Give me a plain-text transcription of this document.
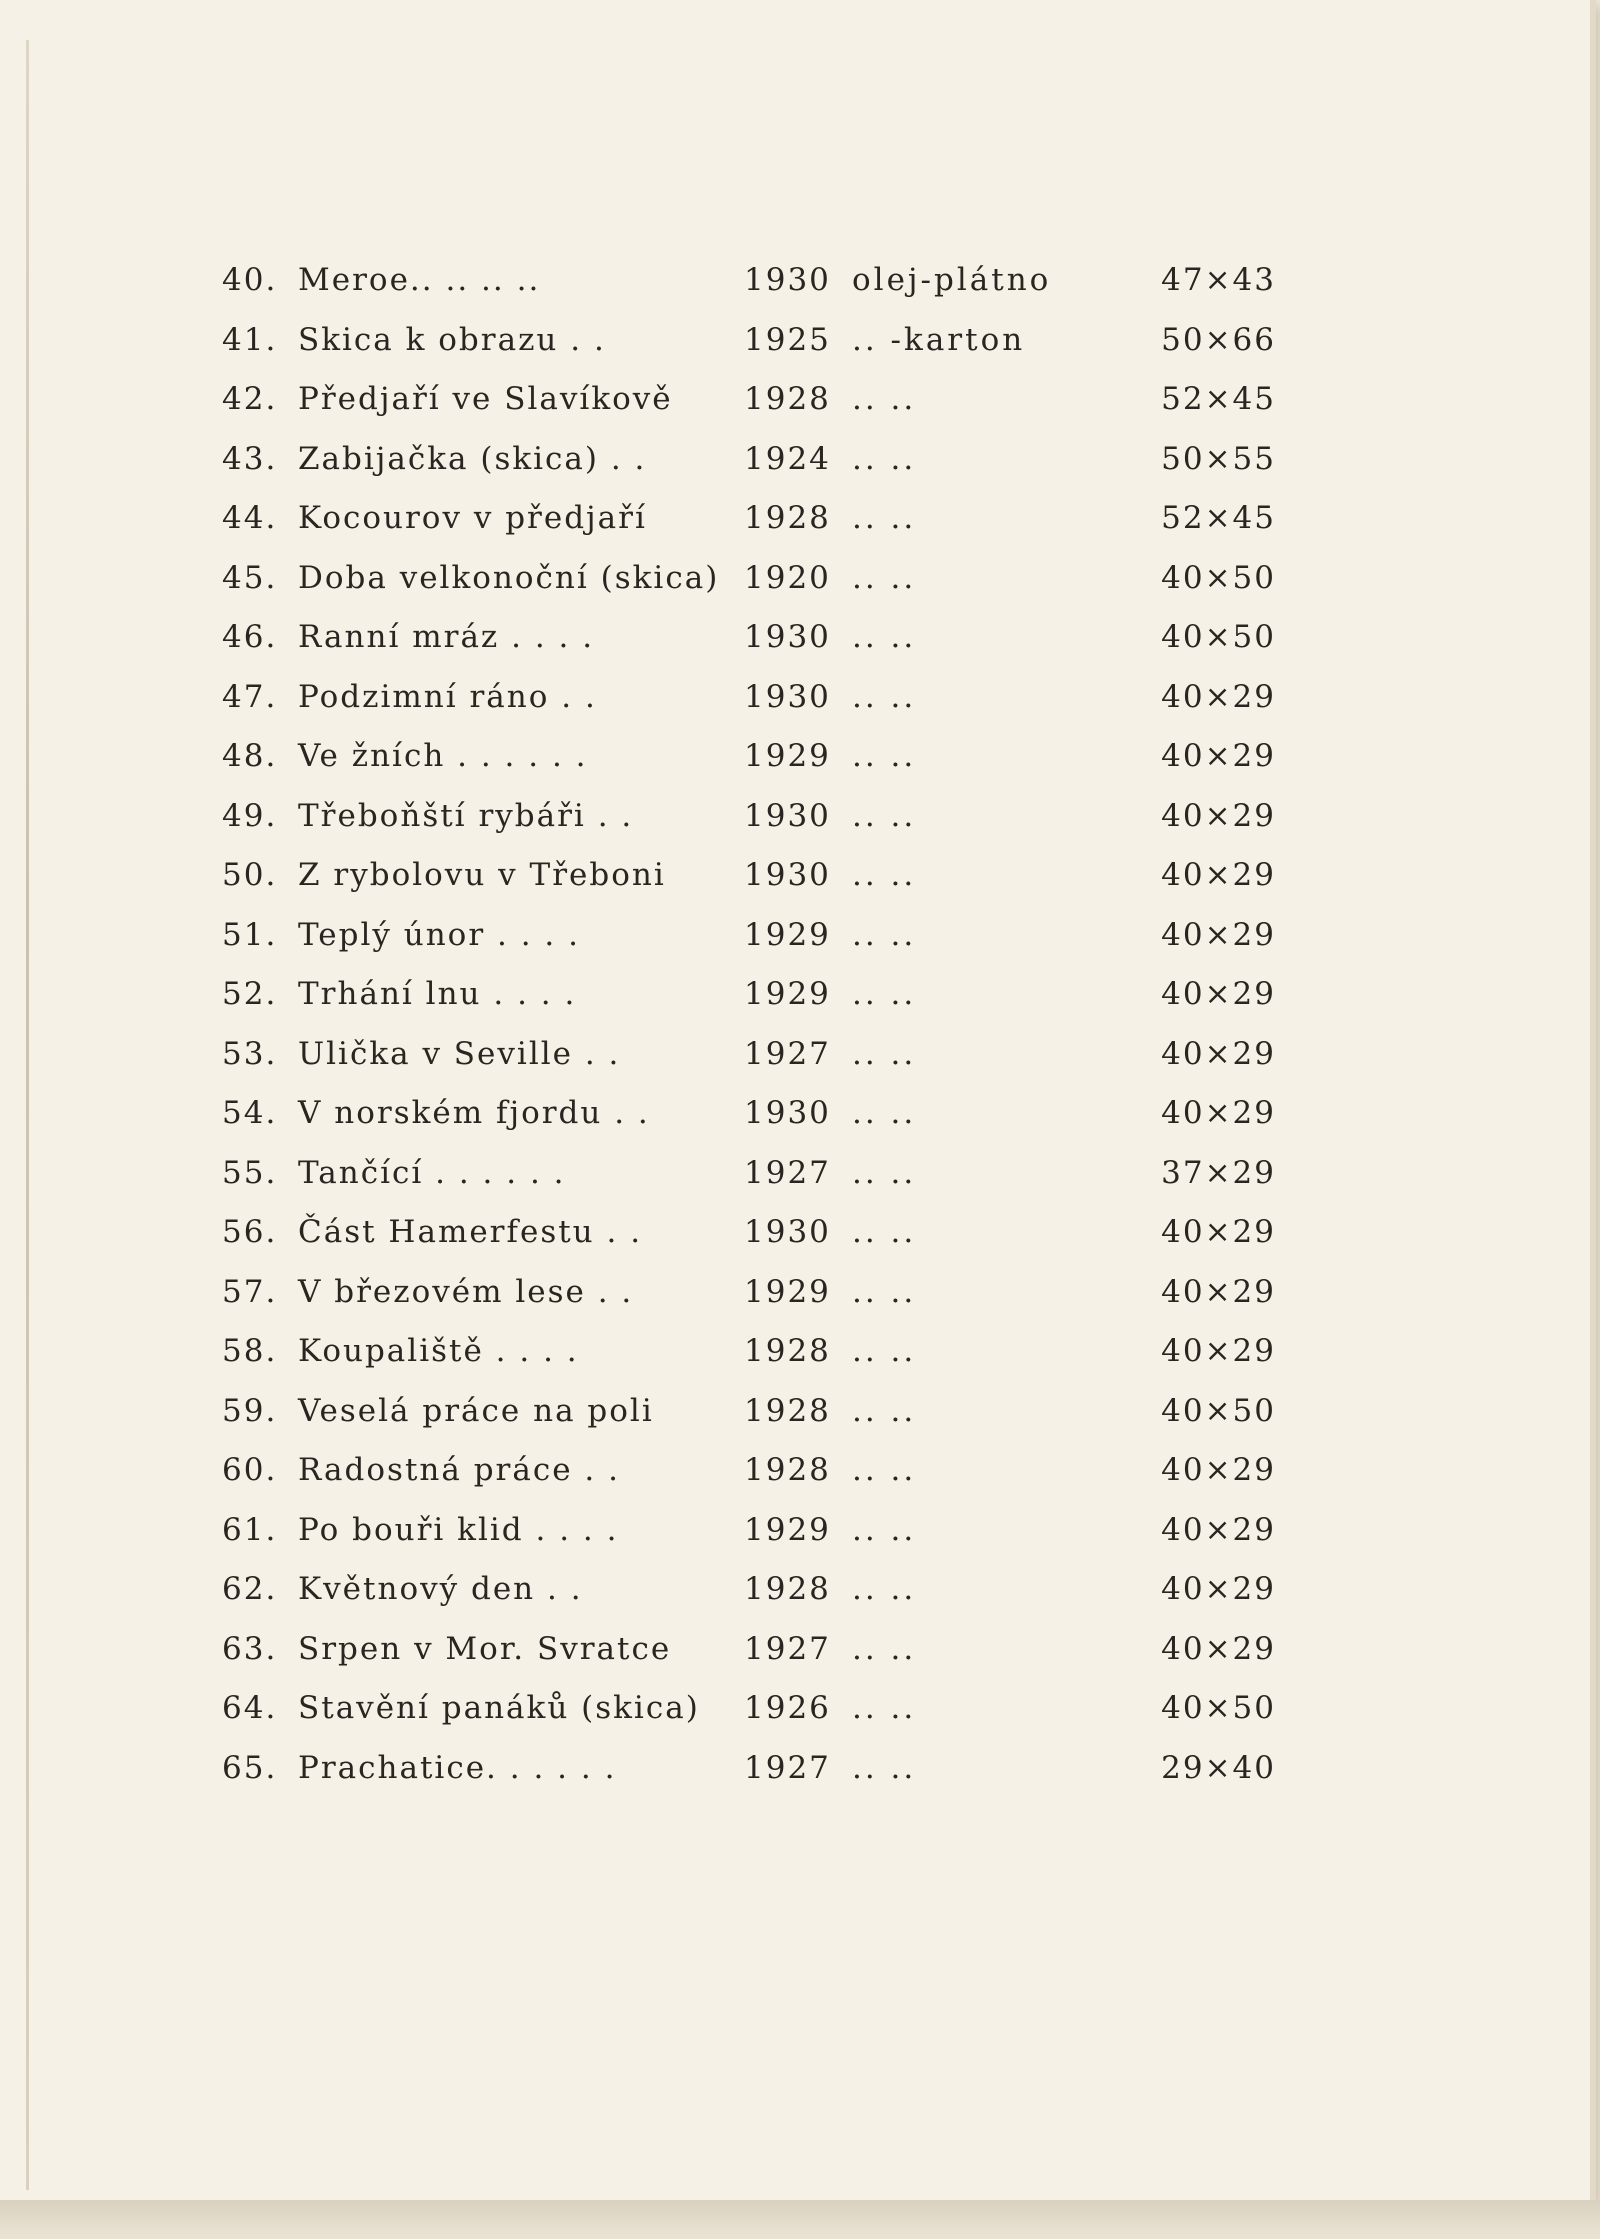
40. Meroe.. .. .. ..	1930 olej-plátno	47×43
41. Skica k obrazu . .	1925 .. -karton	50×66
42. Předjaří ve Slavíkově	1928 .. ..	52×45
43. Zabijačka (skica) . .	1924 .. ..	50×55
44. Kocourov v předjaří	1928 .. ..	52×45
45. Doba velkonoční (skica) 1920 .. ..	40×50
46. Ranní mráz . . . .	1930 .. ..	40×50
47. Podzimní ráno . .	1930 .. ..	40×29
48. Ve žních . . . . . .	1929 .. ..	40×29
49. Třeboňští rybáři . .	1930 .. ..	40×29
50. Z rybolovu v Třeboni	1930 .. ..	40×29
51. Teplý únor . . . .	1929 .. ..	40×29
52. Trhání lnu . . . .	1929 .. ..	40×29
53. Ulička v Seville . .	1927 .. ..	40×29
54. V norském fjordu . .	1930 .. ..	40×29
55. Tančící . . . . . .	1927 .. ..	37×29
56. Část Hamerfestu . .	1930 .. ..	40×29
57. V březovém lese . .	1929 .. ..	40×29
58. Koupaliště . . . .	1928 .. ..	40×29
59. Veselá práce na poli	1928 .. ..	40×50
60. Radostná práce . .	1928 .. ..	40×29
61. Po bouři klid . . . .	1929 .. ..	40×29
62. Květnový den . .	1928 .. ..	40×29
63. Srpen v Mor. Svratce	1927 .. ..	40×29
64. Stavění panáků (skica)	1926 .. ..	40×50
65. Prachatice. . . . . .	1927 .. ..	29×40
